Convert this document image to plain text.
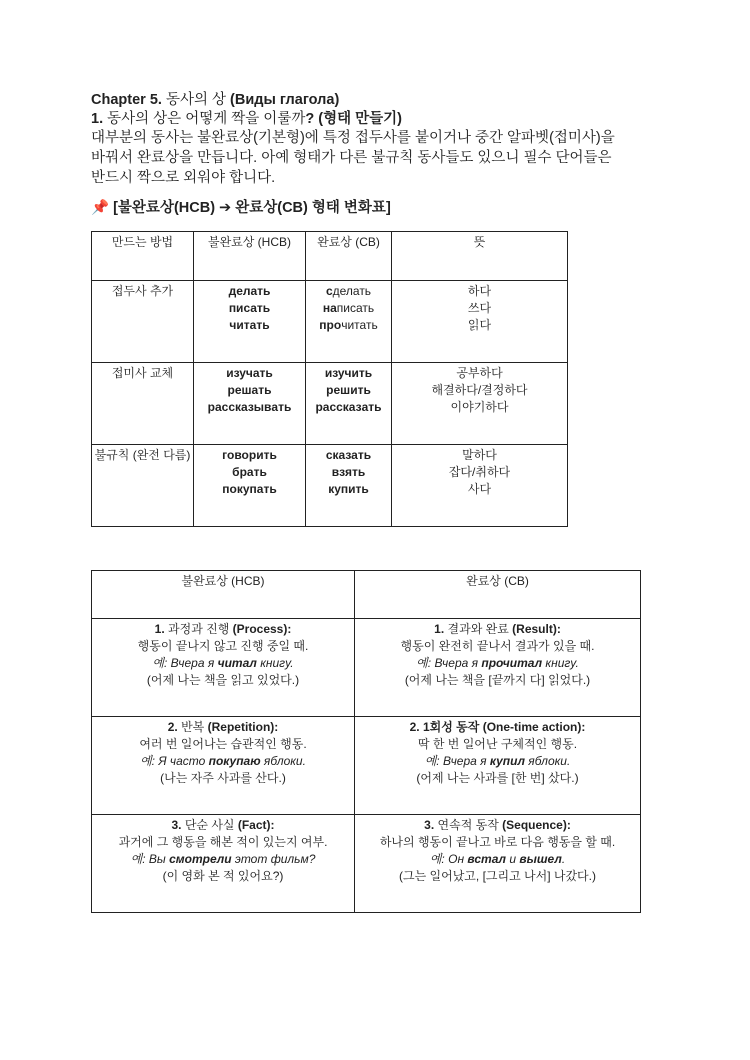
Chapter 5. 동사의 상 (Виды глагола)
1. 동사의 상은 어떻게 짝을 이룰까? (형태 만들기)
대부분의 동사는 불완료상(기본형)에 특정 접두사를 붙이거나 중간 알파벳(접미사)을
바꿔서 완료상을 만듭니다. 아예 형태가 다른 불규칙 동사들도 있으니 필수 단어들은
반드시 짝으로 외워야 합니다.
📌 [불완료상(НСВ) ➔ 완료상(СВ) 형태 변화표]
만드는 방법	불완료상 (НСВ)	완료상 (СВ)	뜻
접두사 추가	делать
писать
читать	сделать
написать
прочитать	하다
쓰다
읽다

접미사 교체	изучать
решать
рассказывать	изучить
решить
рассказать	공부하다
해결하다/결정하다
이야기하다

불규칙 (완전 다름)	говорить
брать
покупать	сказать
взять
купить	말하다
잡다/취하다
사다
불완료상 (НСВ)	완료상 (СВ)

1. 과정과 진행 (Process):
행동이 끝나지 않고 진행 중일 때.
예: Вчера я читал книгу.
(어제 나는 책을 읽고 있었다.)	1. 결과와 완료 (Result):
행동이 완전히 끝나서 결과가 있을 때.
예: Вчера я прочитал книгу.
(어제 나는 책을 [끝까지 다] 읽었다.)

2. 반복 (Repetition):
여러 번 일어나는 습관적인 행동.
예: Я часто покупаю яблоки.
(나는 자주 사과를 산다.)	2. 1회성 동작 (One-time action):
딱 한 번 일어난 구체적인 행동.
예: Вчера я купил яблоки.
(어제 나는 사과를 [한 번] 샀다.)

3. 단순 사실 (Fact):
과거에 그 행동을 해본 적이 있는지 여부.
예: Вы смотрели этот фильм?
(이 영화 본 적 있어요?)	3. 연속적 동작 (Sequence):
하나의 행동이 끝나고 바로 다음 행동을 할 때.
예: Он встал и вышел.
(그는 일어났고, [그리고 나서] 나갔다.)
